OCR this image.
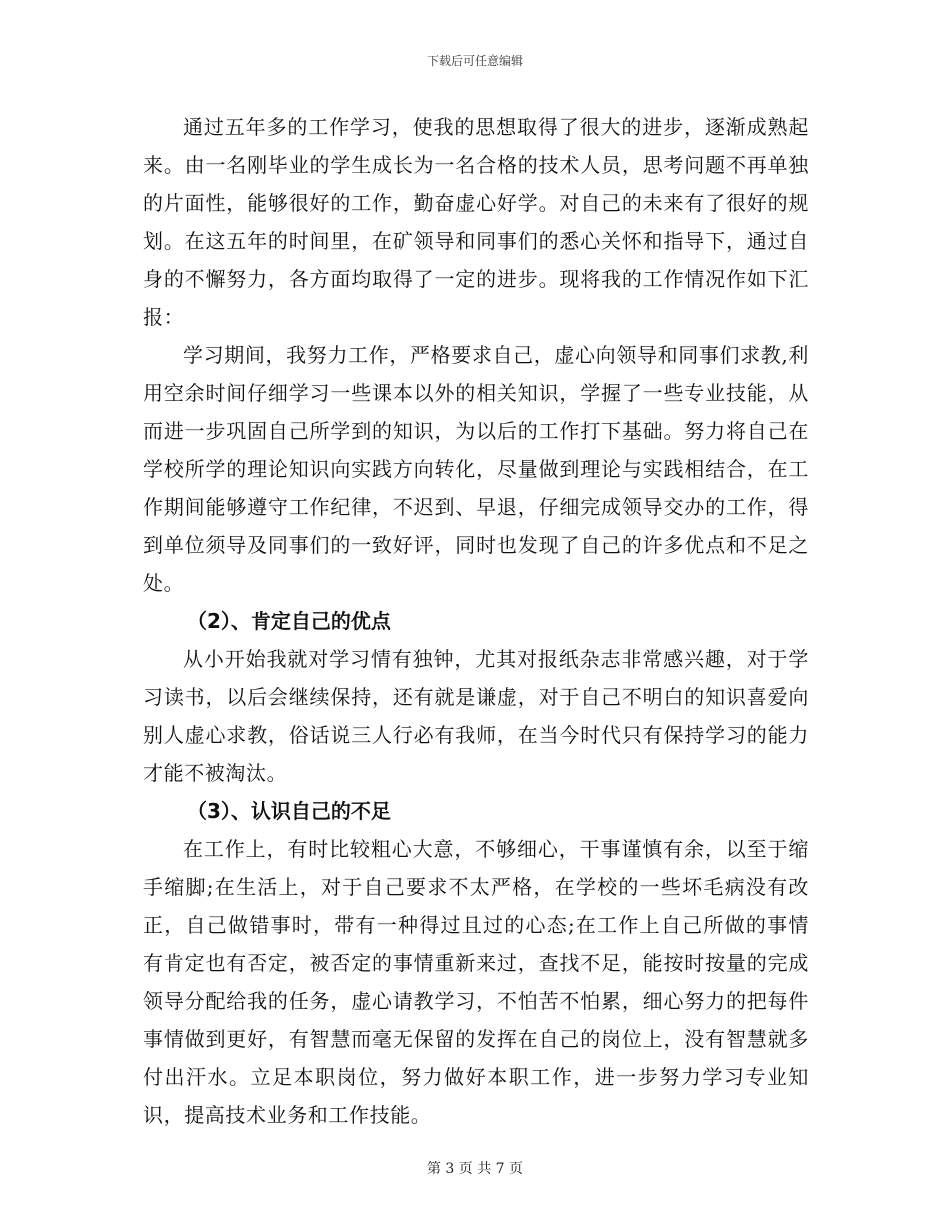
下载后可任意编辑

通过五年多的工作学习，使我的思想取得了很大的进步，逐渐成熟起来。由一名刚毕业的学生成长为一名合格的技术人员，思考问题不再单独的片面性，能够很好的工作，勤奋虚心好学。对自己的未来有了很好的规划。在这五年的时间里，在矿领导和同事们的悉心关怀和指导下，通过自身的不懈努力，各方面均取得了一定的进步。现将我的工作情况作如下汇报：

学习期间，我努力工作，严格要求自己，虚心向领导和同事们求教,利用空余时间仔细学习一些课本以外的相关知识，学握了一些专业技能，从而进一步巩固自己所学到的知识，为以后的工作打下基础。努力将自己在学校所学的理论知识向实践方向转化，尽量做到理论与实践相结合，在工作期间能够遵守工作纪律，不迟到、早退，仔细完成领导交办的工作，得到单位须导及同事们的一致好评，同时也发现了自己的许多优点和不足之处。

（2）、肯定自己的优点

从小开始我就对学习情有独钟，尤其对报纸杂志非常感兴趣，对于学习读书，以后会继续保持，还有就是谦虚，对于自己不明白的知识喜爱向别人虚心求教，俗话说三人行必有我师，在当今时代只有保持学习的能力才能不被淘汰。

（3）、认识自己的不足

在工作上，有时比较粗心大意，不够细心，干事谨慎有余，以至于缩手缩脚;在生活上，对于自己要求不太严格，在学校的一些坏毛病没有改正，自己做错事时，带有一种得过且过的心态;在工作上自己所做的事情有肯定也有否定，被否定的事情重新来过，查找不足，能按时按量的完成领导分配给我的任务，虚心请教学习，不怕苦不怕累，细心努力的把每件事情做到更好，有智慧而毫无保留的发挥在自己的岗位上，没有智慧就多付出汗水。立足本职岗位，努力做好本职工作，进一步努力学习专业知识，提高技术业务和工作技能。

第 3 页 共 7 页
